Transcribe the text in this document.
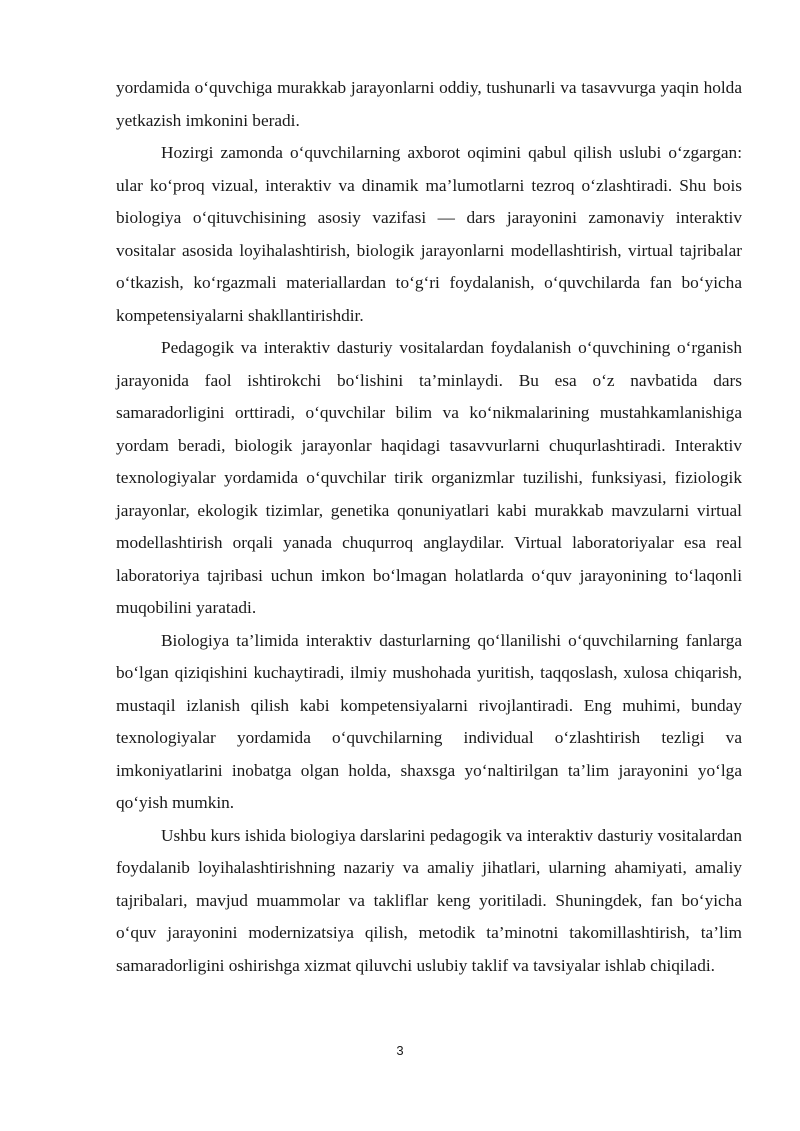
yordamida o‘quvchiga murakkab jarayonlarni oddiy, tushunarli va tasavvurga yaqin holda yetkazish imkonini beradi.

Hozirgi zamonda o‘quvchilarning axborot oqimini qabul qilish uslubi o‘zgargan: ular ko‘proq vizual, interaktiv va dinamik ma’lumotlarni tezroq o‘zlashtiradi. Shu bois biologiya o‘qituvchisining asosiy vazifasi — dars jarayonini zamonaviy interaktiv vositalar asosida loyihalashtirish, biologik jarayonlarni modellashtirish, virtual tajribalar o‘tkazish, ko‘rgazmali materiallardan to‘g‘ri foydalanish, o‘quvchilarda fan bo‘yicha kompetensiyalarni shakllantirishdir.

Pedagogik va interaktiv dasturiy vositalardan foydalanish o‘quvchining o‘rganish jarayonida faol ishtirokchi bo‘lishini ta’minlaydi. Bu esa o‘z navbatida dars samaradorligini orttiradi, o‘quvchilar bilim va ko‘nikmalarining mustahkamlanishiga yordam beradi, biologik jarayonlar haqidagi tasavvurlarni chuqurlashtiradi. Interaktiv texnologiyalar yordamida o‘quvchilar tirik organizmlar tuzilishi, funksiyasi, fiziologik jarayonlar, ekologik tizimlar, genetika qonuniyatlari kabi murakkab mavzularni virtual modellashtirish orqali yanada chuqurroq anglaydilar. Virtual laboratoriyalar esa real laboratoriya tajribasi uchun imkon bo‘lmagan holatlarda o‘quv jarayonining to‘laqonli muqobilini yaratadi.

Biologiya ta’limida interaktiv dasturlarning qo‘llanilishi o‘quvchilarning fanlarga bo‘lgan qiziqishini kuchaytiradi, ilmiy mushohada yuritish, taqqoslash, xulosa chiqarish, mustaqil izlanish qilish kabi kompetensiyalarni rivojlantiradi. Eng muhimi, bunday texnologiyalar yordamida o‘quvchilarning individual o‘zlashtirish tezligi va imkoniyatlarini inobatga olgan holda, shaxsga yo‘naltirilgan ta’lim jarayonini yo‘lga qo‘yish mumkin.

Ushbu kurs ishida biologiya darslarini pedagogik va interaktiv dasturiy vositalardan foydalanib loyihalashtirishning nazariy va amaliy jihatlari, ularning ahamiyati, amaliy tajribalari, mavjud muammolar va takliflar keng yoritiladi. Shuningdek, fan bo‘yicha o‘quv jarayonini modernizatsiya qilish, metodik ta’minotni takomillashtirish, ta’lim samaradorligini oshirishga xizmat qiluvchi uslubiy taklif va tavsiyalar ishlab chiqiladi.

3
